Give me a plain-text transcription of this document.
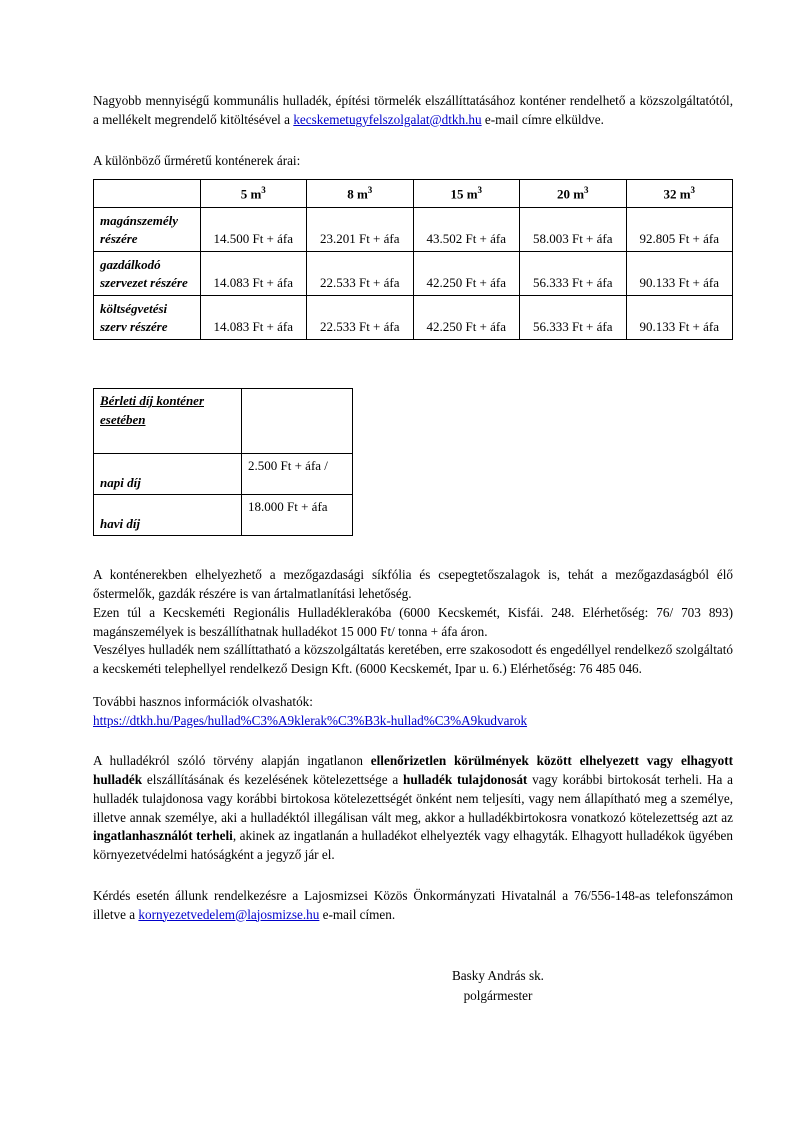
Nagyobb mennyiségű kommunális hulladék, építési törmelék elszállíttatásához konténer rendelhető a közszolgáltatótól, a mellékelt megrendelő kitöltésével a kecskemetugyfelszolgalat@dtkh.hu e-mail címre elküldve.

A különböző űrméretű konténerek árai:

	5 $m^3$	8 $m^3$	15 $m^3$	20 $m^3$	32 $m^3$
magánszemély részére	14.500 Ft + áfa	23.201 Ft + áfa	43.502 Ft + áfa	58.003 Ft + áfa	92.805 Ft + áfa
gazdálkodó szervezet részére	14.083 Ft + áfa	22.533 Ft + áfa	42.250 Ft + áfa	56.333 Ft + áfa	90.133 Ft + áfa
költségvetési szerv részére	14.083 Ft + áfa	22.533 Ft + áfa	42.250 Ft + áfa	56.333 Ft + áfa	90.133 Ft + áfa
Bérleti díj konténer esetében	
napi díj	2.500 Ft + áfa /
havi díj	18.000 Ft + áfa

A konténerekben elhelyezhető a mezőgazdasági síkfólia és csepegtetőszalagok is, tehát a mezőgazdaságból élő őstermelők, gazdák részére is van ártalmatlanítási lehetőség.

Ezen túl a Kecskeméti Regionális Hulladéklerakóba (6000 Kecskemét, Kisfái. 248. Elérhetőség: 76/ 703 893) magánszemélyek is beszállíthatnak hulladékot 15 000 Ft/ tonna + áfa áron.

Veszélyes hulladék nem szállíttatható a közszolgáltatás keretében, erre szakosodott és engedéllyel rendelkező szolgáltató a kecskeméti telephellyel rendelkező Design Kft. (6000 Kecskemét, Ipar u. 6.) Elérhetőség: 76 485 046.

További hasznos információk olvashatók:

https://dtkh.hu/Pages/hullad%C3%A9klerak%C3%B3k-hullad%C3%A9kudvarok

A hulladékról szóló törvény alapján ingatlanon ellenőrizetlen körülmények között elhelyezett vagy elhagyott hulladék elszállításának és kezelésének kötelezettsége a hulladék tulajdonosát vagy korábbi birtokosát terheli. Ha a hulladék tulajdonosa vagy korábbi birtokosa kötelezettségét önként nem teljesíti, vagy nem állapítható meg a személye, illetve annak személye, aki a hulladéktól illegálisan vált meg, akkor a hulladékbirtokosra vonatkozó kötelezettség azt az ingatlanhasználót terheli, akinek az ingatlanán a hulladékot elhelyezték vagy elhagyták. Elhagyott hulladékok ügyében környezetvédelmi hatóságként a jegyző jár el.

Kérdés esetén állunk rendelkezésre a Lajosmizsei Közös Önkormányzati Hivatalnál a 76/556-148-as telefonszámon illetve a kornyezetvedelem@lajosmizse.hu e-mail címen.

Basky András sk.
polgármester
